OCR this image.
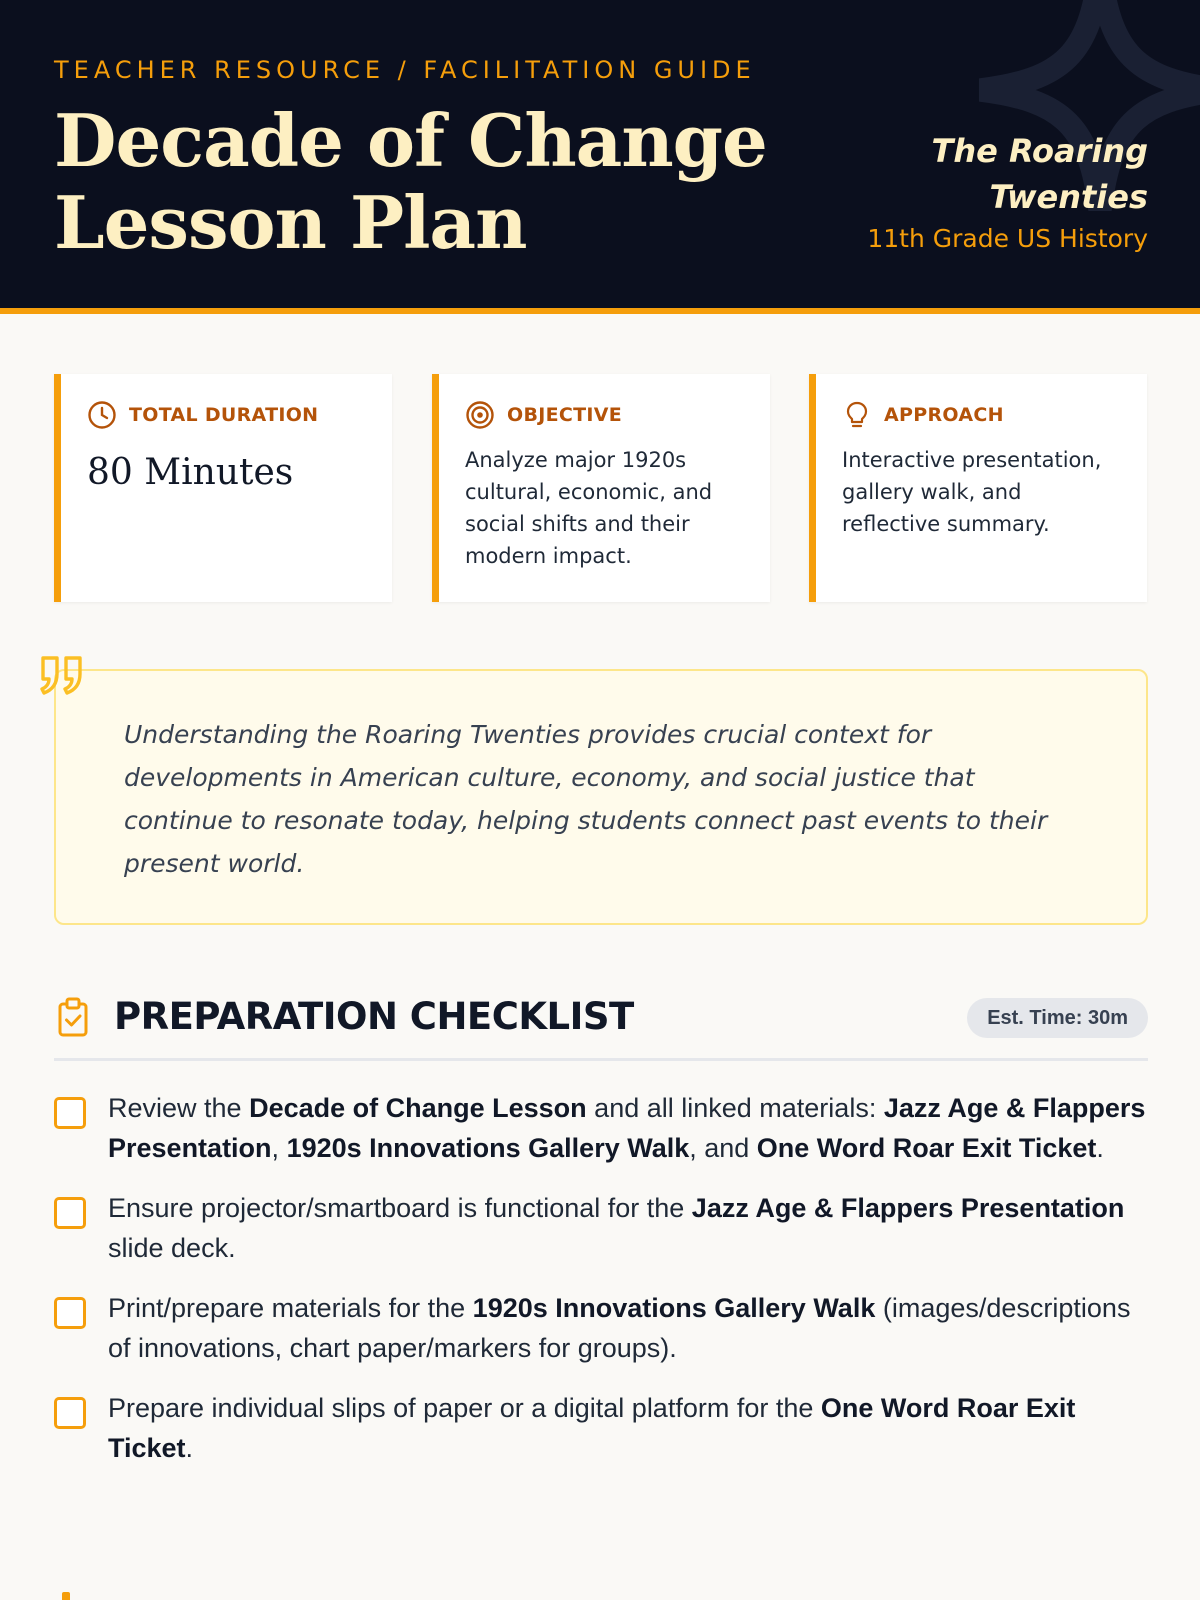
TEACHER RESOURCE / FACILITATION GUIDE
Decade of Change
Lesson Plan
The Roaring
Twenties
11th Grade US History
TOTAL DURATION
80 Minutes
OBJECTIVE
Analyze major 1920s cultural, economic, and social shifts and their modern impact.
APPROACH
Interactive presentation, gallery walk, and reflective summary.

Understanding the Roaring Twenties provides crucial context for developments in American culture, economy, and social justice that continue to resonate today, helping students connect past events to their present world.

PREPARATION CHECKLIST	Est. Time: 30m
Review the Decade of Change Lesson and all linked materials: Jazz Age & Flappers Presentation, 1920s Innovations Gallery Walk, and One Word Roar Exit Ticket.
Ensure projector/smartboard is functional for the Jazz Age & Flappers Presentation slide deck.
Print/prepare materials for the 1920s Innovations Gallery Walk (images/descriptions of innovations, chart paper/markers for groups).
Prepare individual slips of paper or a digital platform for the One Word Roar Exit Ticket.
